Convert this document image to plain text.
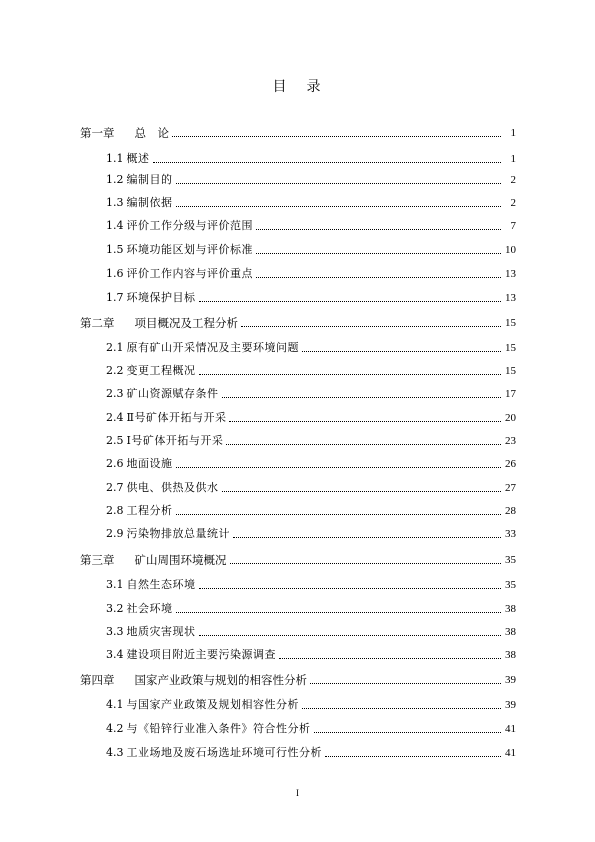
目 录
第一章 总　论	1
1.1 概述	1
1.2 编制目的	2
1.3 编制依据	2
1.4 评价工作分级与评价范围	7
1.5 环境功能区划与评价标准	10
1.6 评价工作内容与评价重点	13
1.7 环境保护目标	13
第二章 项目概况及工程分析	15
2.1 原有矿山开采情况及主要环境问题	15
2.2 变更工程概况	15
2.3 矿山资源赋存条件	17
2.4 Ⅱ号矿体开拓与开采	20
2.5 Ⅰ号矿体开拓与开采	23
2.6 地面设施	26
2.7 供电、供热及供水	27
2.8 工程分析	28
2.9 污染物排放总量统计	33
第三章 矿山周围环境概况	35
3.1 自然生态环境	35
3.2 社会环境	38
3.3 地质灾害现状	38
3.4 建设项目附近主要污染源调查	38
第四章 国家产业政策与规划的相容性分析	39
4.1 与国家产业政策及规划相容性分析	39
4.2 与《铅锌行业准入条件》符合性分析	41
4.3 工业场地及废石场选址环境可行性分析	41
I
